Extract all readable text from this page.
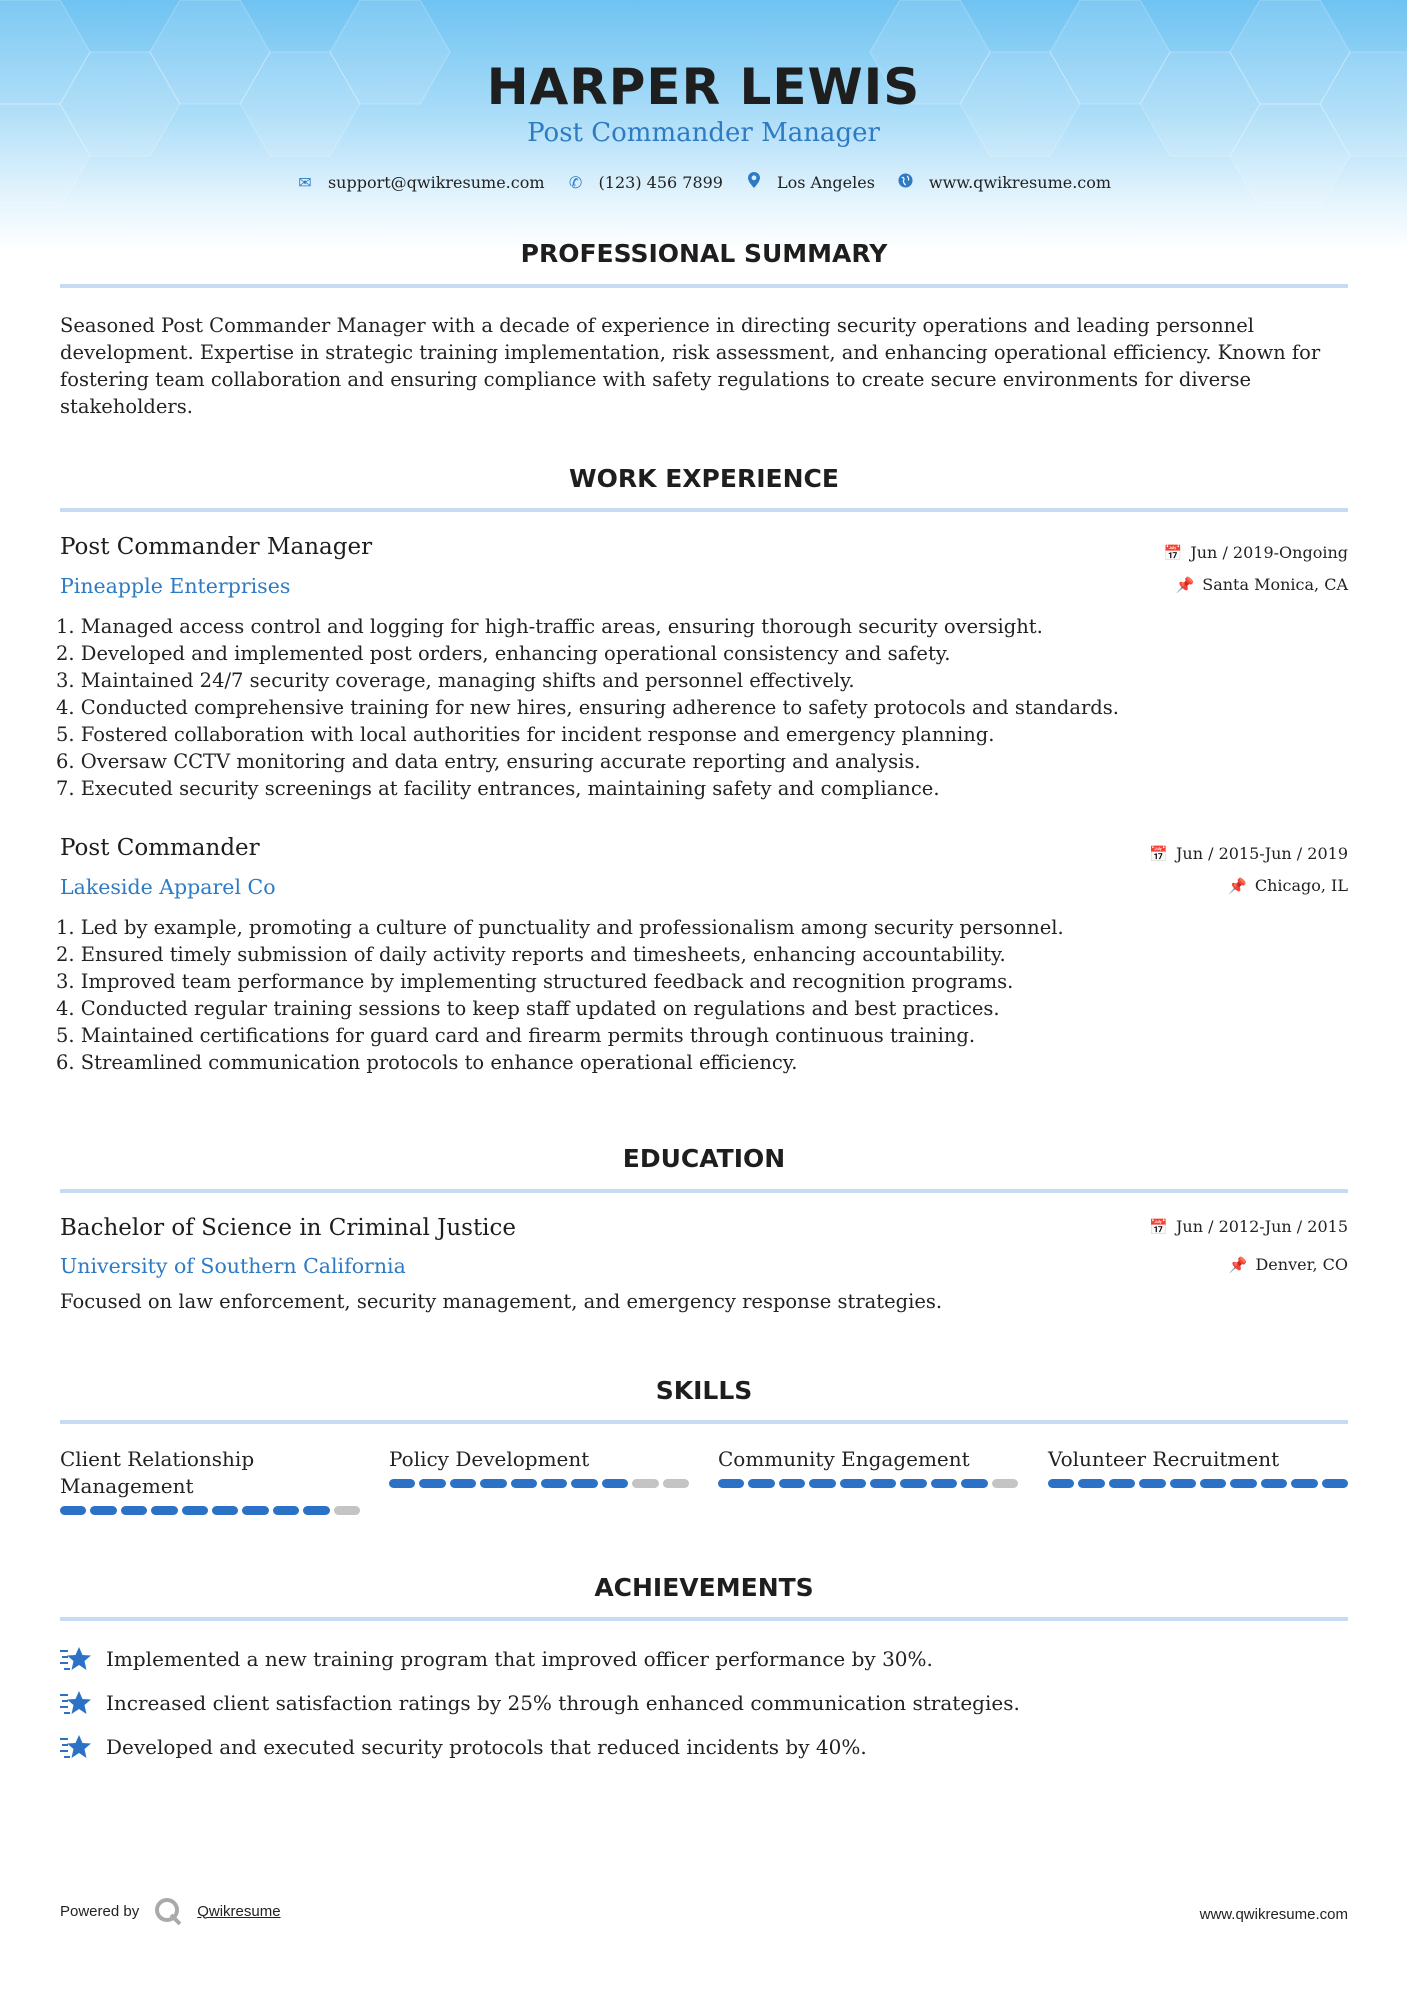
HARPER LEWIS
Post Commander Manager
✉ support@qwikresume.com ✆ (123) 456 7899	Los Angeles	www.qwikresume.com
PROFESSIONAL SUMMARY

Seasoned Post Commander Manager with a decade of experience in directing security operations and leading personnel development. Expertise in strategic training implementation, risk assessment, and enhancing operational efficiency. Known for fostering team collaboration and ensuring compliance with safety regulations to create secure environments for diverse stakeholders.

WORK EXPERIENCE
Post Commander Manager
Pineapple Enterprises
📅 Jun / 2019-Ongoing
📌 Santa Monica, CA
1. Managed access control and logging for high-traffic areas, ensuring thorough security oversight.
2. Developed and implemented post orders, enhancing operational consistency and safety.
3. Maintained 24/7 security coverage, managing shifts and personnel effectively.
4. Conducted comprehensive training for new hires, ensuring adherence to safety protocols and standards.
5. Fostered collaboration with local authorities for incident response and emergency planning.
6. Oversaw CCTV monitoring and data entry, ensuring accurate reporting and analysis.
7. Executed security screenings at facility entrances, maintaining safety and compliance.
Post Commander
Lakeside Apparel Co
📅 Jun / 2015-Jun / 2019
📌 Chicago, IL
1. Led by example, promoting a culture of punctuality and professionalism among security personnel.
2. Ensured timely submission of daily activity reports and timesheets, enhancing accountability.
3. Improved team performance by implementing structured feedback and recognition programs.
4. Conducted regular training sessions to keep staff updated on regulations and best practices.
5. Maintained certifications for guard card and firearm permits through continuous training.
6. Streamlined communication protocols to enhance operational efficiency.
EDUCATION
Bachelor of Science in Criminal Justice
University of Southern California
📅 Jun / 2012-Jun / 2015
📌 Denver, CO
Focused on law enforcement, security management, and emergency response strategies.
SKILLS
Client Relationship Management
Policy Development	Community Engagement	Volunteer Recruitment
ACHIEVEMENTS
Implemented a new training program that improved officer performance by 30%.
Increased client satisfaction ratings by 25% through enhanced communication strategies.
Developed and executed security protocols that reduced incidents by 40%.
Powered by	Qwikresume	www.qwikresume.com
